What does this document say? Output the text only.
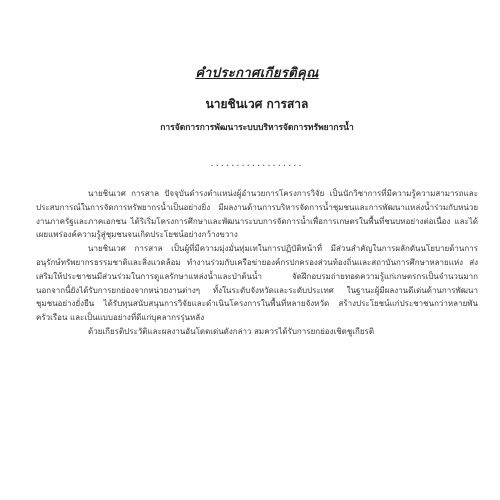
คำประกาศเกียรติคุณ
นายชินเวศ การสาล
การจัดการการพัฒนาระบบบริหารจัดการทรัพยากรน้ำ
..................

นายชินเวศ การสาล ปัจจุบันดำรงตำแหน่งผู้อำนวยการโครงการวิจัย เป็นนักวิชาการที่มีความรู้ความสามารถและประสบการณ์ในการจัดการทรัพยากรน้ำเป็นอย่างยิ่ง มีผลงานด้านการบริหารจัดการน้ำชุมชนและการพัฒนาแหล่งน้ำร่วมกับหน่วยงานภาครัฐและภาคเอกชน ได้ริเริ่มโครงการศึกษาและพัฒนาระบบการจัดการน้ำเพื่อการเกษตรในพื้นที่ชนบทอย่างต่อเนื่อง และได้เผยแพร่องค์ความรู้สู่ชุมชนจนเกิดประโยชน์อย่างกว้างขวาง

นายชินเวศ การสาล เป็นผู้ที่มีความมุ่งมั่นทุ่มเทในการปฏิบัติหน้าที่ มีส่วนสำคัญในการผลักดันนโยบายด้านการอนุรักษ์ทรัพยากรธรรมชาติและสิ่งแวดล้อม ทำงานร่วมกับเครือข่ายองค์กรปกครองส่วนท้องถิ่นและสถาบันการศึกษาหลายแห่ง ส่งเสริมให้ประชาชนมีส่วนร่วมในการดูแลรักษาแหล่งน้ำและป่าต้นน้ำ จัดฝึกอบรมถ่ายทอดความรู้แก่เกษตรกรเป็นจำนวนมาก นอกจากนี้ยังได้รับการยกย่องจากหน่วยงานต่างๆ ทั้งในระดับจังหวัดและระดับประเทศ ในฐานะผู้มีผลงานดีเด่นด้านการพัฒนาชุมชนอย่างยั่งยืน ได้รับทุนสนับสนุนการวิจัยและดำเนินโครงการในพื้นที่หลายจังหวัด สร้างประโยชน์แก่ประชาชนกว่าหลายพันครัวเรือน และเป็นแบบอย่างที่ดีแก่บุคลากรรุ่นหลัง

ด้วยเกียรติประวัติและผลงานอันโดดเด่นดังกล่าว สมควรได้รับการยกย่องเชิดชูเกียรติ
